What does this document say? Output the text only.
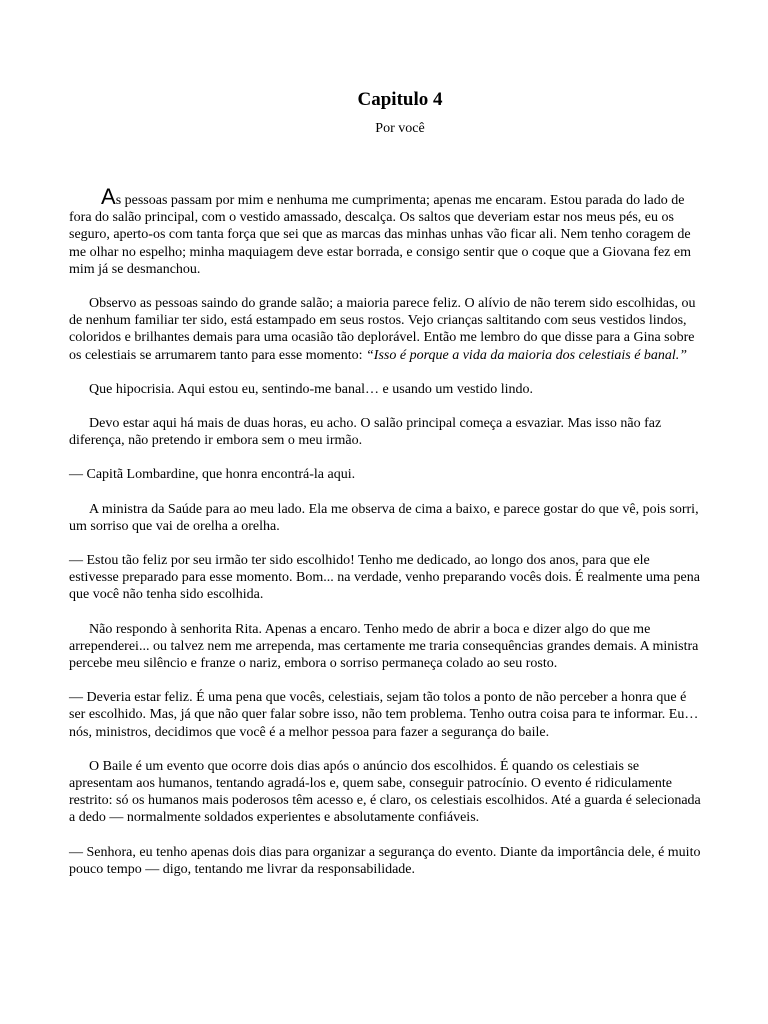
Capitulo 4
Por você

As pessoas passam por mim e nenhuma me cumprimenta; apenas me encaram. Estou parada do lado de fora do salão principal, com o vestido amassado, descalça. Os saltos que deveriam estar nos meus pés, eu os seguro, aperto-os com tanta força que sei que as marcas das minhas unhas vão ficar ali. Nem tenho coragem de me olhar no espelho; minha maquiagem deve estar borrada, e consigo sentir que o coque que a Giovana fez em mim já se desmanchou.

Observo as pessoas saindo do grande salão; a maioria parece feliz. O alívio de não terem sido escolhidas, ou de nenhum familiar ter sido, está estampado em seus rostos. Vejo crianças saltitando com seus vestidos lindos, coloridos e brilhantes demais para uma ocasião tão deplorável. Então me lembro do que disse para a Gina sobre os celestiais se arrumarem tanto para esse momento: “Isso é porque a vida da maioria dos celestiais é banal.”

Que hipocrisia. Aqui estou eu, sentindo-me banal… e usando um vestido lindo.

Devo estar aqui há mais de duas horas, eu acho. O salão principal começa a esvaziar. Mas isso não faz diferença, não pretendo ir embora sem o meu irmão.

— Capitã Lombardine, que honra encontrá-la aqui.

A ministra da Saúde para ao meu lado. Ela me observa de cima a baixo, e parece gostar do que vê, pois sorri, um sorriso que vai de orelha a orelha.

— Estou tão feliz por seu irmão ter sido escolhido! Tenho me dedicado, ao longo dos anos, para que ele estivesse preparado para esse momento. Bom... na verdade, venho preparando vocês dois. É realmente uma pena que você não tenha sido escolhida.

Não respondo à senhorita Rita. Apenas a encaro. Tenho medo de abrir a boca e dizer algo do que me arrependerei... ou talvez nem me arrependa, mas certamente me traria consequências grandes demais. A ministra percebe meu silêncio e franze o nariz, embora o sorriso permaneça colado ao seu rosto.

— Deveria estar feliz. É uma pena que vocês, celestiais, sejam tão tolos a ponto de não perceber a honra que é ser escolhido. Mas, já que não quer falar sobre isso, não tem problema. Tenho outra coisa para te informar. Eu… nós, ministros, decidimos que você é a melhor pessoa para fazer a segurança do baile.

O Baile é um evento que ocorre dois dias após o anúncio dos escolhidos. É quando os celestiais se apresentam aos humanos, tentando agradá-los e, quem sabe, conseguir patrocínio. O evento é ridiculamente restrito: só os humanos mais poderosos têm acesso e, é claro, os celestiais escolhidos. Até a guarda é selecionada a dedo — normalmente soldados experientes e absolutamente confiáveis.

— Senhora, eu tenho apenas dois dias para organizar a segurança do evento. Diante da importância dele, é muito pouco tempo — digo, tentando me livrar da responsabilidade.
